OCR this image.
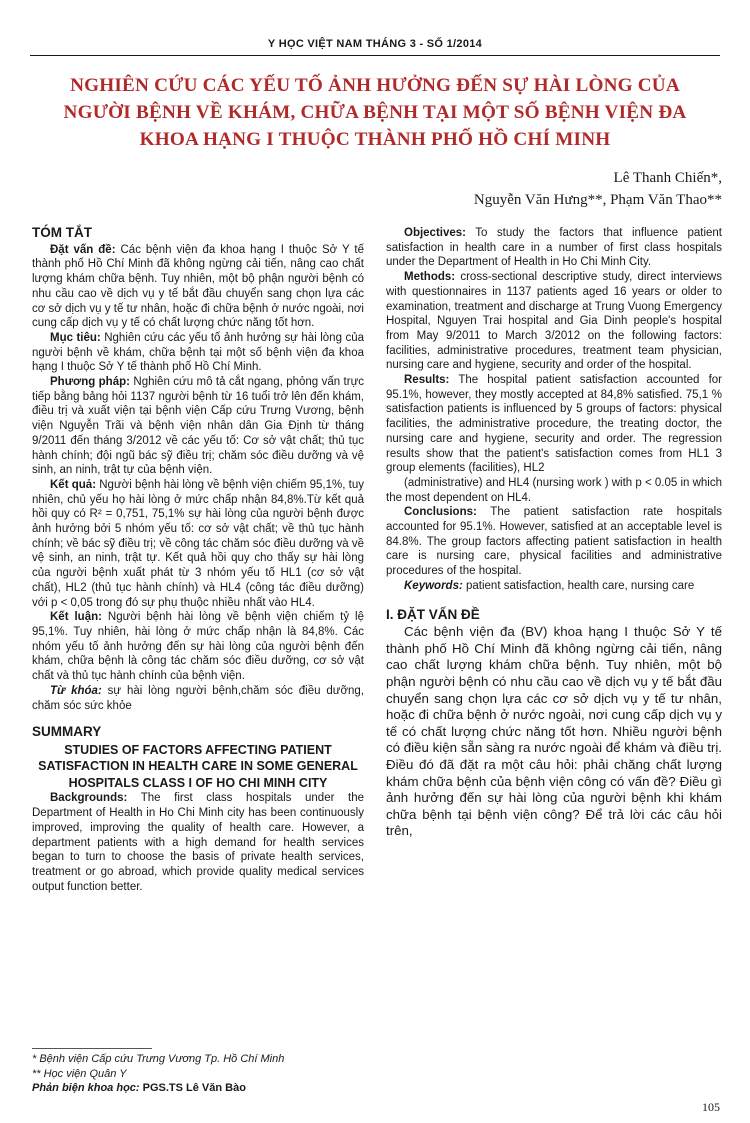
Y HỌC VIỆT NAM THÁNG 3 - SỐ 1/2014
NGHIÊN CỨU CÁC YẾU TỐ ẢNH HƯỞNG ĐẾN SỰ HÀI LÒNG CỦA NGƯỜI BỆNH VỀ KHÁM, CHỮA BỆNH TẠI MỘT SỐ BỆNH VIỆN ĐA KHOA HẠNG I THUỘC THÀNH PHỐ HỒ CHÍ MINH
Lê Thanh Chiến*,
Nguyễn Văn Hưng**, Phạm Văn Thao**
TÓM TẮT

Đặt vấn đề: Các bệnh viện đa khoa hạng I thuộc Sở Y tế thành phố Hồ Chí Minh đã không ngừng cải tiến, nâng cao chất lượng khám chữa bệnh. Tuy nhiên, một bộ phận người bệnh có nhu cầu cao về dịch vụ y tế bắt đầu chuyển sang chọn lựa các cơ sở dịch vụ y tế tư nhân, hoặc đi chữa bệnh ở nước ngoài, nơi cung cấp dịch vụ y tế có chất lượng chức năng tốt hơn.

Mục tiêu: Nghiên cứu các yếu tố ảnh hưởng sự hài lòng của người bệnh về khám, chữa bệnh tại một số bệnh viện đa khoa hạng I thuộc Sở Y tế thành phố Hồ Chí Minh.

Phương pháp: Nghiên cứu mô tả cắt ngang, phỏng vấn trực tiếp bằng bảng hỏi 1137 người bệnh từ 16 tuổi trở lên đến khám, điều trị và xuất viện tại bệnh viện Cấp cứu Trưng Vương, bệnh viện Nguyễn Trãi và bệnh viện nhân dân Gia Định từ tháng 9/2011 đến tháng 3/2012 về các yếu tố: Cơ sở vật chất; thủ tục hành chính; đội ngũ bác sỹ điều trị; chăm sóc điều dưỡng và vệ sinh, an ninh, trật tự của bệnh viện.

Kết quả: Người bệnh hài lòng về bệnh viện chiếm 95,1%, tuy nhiên, chủ yếu họ hài lòng ở mức chấp nhận 84,8%.Từ kết quả hồi quy có R² = 0,751, 75,1% sự hài lòng của người bệnh được ảnh hưởng bởi 5 nhóm yếu tố: cơ sở vật chất; về thủ tục hành chính; về bác sỹ điều trị; về công tác chăm sóc điều dưỡng và về vệ sinh, an ninh, trật tự. Kết quả hồi quy cho thấy sự hài lòng của người bệnh xuất phát từ 3 nhóm yếu tố HL1 (cơ sở vật chất), HL2 (thủ tục hành chính) và HL4 (công tác điều dưỡng) với p < 0,05 trong đó sự phụ thuộc nhiều nhất vào HL4.

Kết luận: Người bệnh hài lòng về bệnh viện chiếm tỷ lệ 95,1%. Tuy nhiên, hài lòng ở mức chấp nhận là 84,8%. Các nhóm yếu tố ảnh hưởng đến sự hài lòng của người bệnh đến khám, chữa bệnh là công tác chăm sóc điều dưỡng, cơ sở vật chất và thủ tục hành chính của bệnh viện.

Từ khóa: sự hài lòng người bệnh,chăm sóc điều dưỡng, chăm sóc sức khỏe

SUMMARY
STUDIES OF FACTORS AFFECTING PATIENT SATISFACTION IN HEALTH CARE IN SOME GENERAL HOSPITALS CLASS I OF HO CHI MINH CITY

Backgrounds: The first class hospitals under the Department of Health in Ho Chi Minh city has been continuously improved, improving the quality of health care. However, a department patients with a high demand for health services began to turn to choose the basis of private health services, treatment or go abroad, which provide quality medical services output function better.

Objectives: To study the factors that influence patient satisfaction in health care in a number of first class hospitals under the Department of Health in Ho Chi Minh City.

Methods: cross-sectional descriptive study, direct interviews with questionnaires in 1137 patients aged 16 years or older to examination, treatment and discharge at Trung Vuong Emergency Hospital, Nguyen Trai hospital and Gia Dinh people's hospital from May 9/2011 to March 3/2012 on the following factors: facilities, administrative procedures, treatment team physician, nursing care and hygiene, security and order of the hospital.

Results: The hospital patient satisfaction accounted for 95.1%, however, they mostly accepted at 84,8% satisfied. 75,1 % satisfaction patients is influenced by 5 groups of factors: physical facilities, the administrative procedure, the treating doctor, the nursing care and hygiene, security and order. The regression results show that the patient's satisfaction comes from HL1 3 group elements (facilities), HL2

(administrative) and HL4 (nursing work ) with p < 0.05 in which the most dependent on HL4.

Conclusions: The patient satisfaction rate hospitals accounted for 95.1%. However, satisfied at an acceptable level is 84.8%. The group factors affecting patient satisfaction in health care is nursing care, physical facilities and administrative procedures of the hospital.

Keywords: patient satisfaction, health care, nursing care

I. ĐẶT VẤN ĐỀ

Các bệnh viện đa (BV) khoa hạng I thuộc Sở Y tế thành phố Hồ Chí Minh đã không ngừng cải tiến, nâng cao chất lượng khám chữa bệnh. Tuy nhiên, một bộ phận người bệnh có nhu cầu cao về dịch vụ y tế bắt đầu chuyển sang chọn lựa các cơ sở dịch vụ y tế tư nhân, hoặc đi chữa bệnh ở nước ngoài, nơi cung cấp dịch vụ y tế có chất lượng chức năng tốt hơn. Nhiều người bệnh có điều kiện sẵn sàng ra nước ngoài để khám và điều trị. Điều đó đã đặt ra một câu hỏi: phải chăng chất lượng khám chữa bệnh của bệnh viện công có vấn đề? Điều gì ảnh hưởng đến sự hài lòng của người bệnh khi khám chữa bệnh tại bệnh viện công? Để trả lời các câu hỏi trên,

* Bệnh viện Cấp cứu Trưng Vương Tp. Hồ Chí Minh
** Học viện Quân Y
Phản biện khoa học: PGS.TS Lê Văn Bào
105
